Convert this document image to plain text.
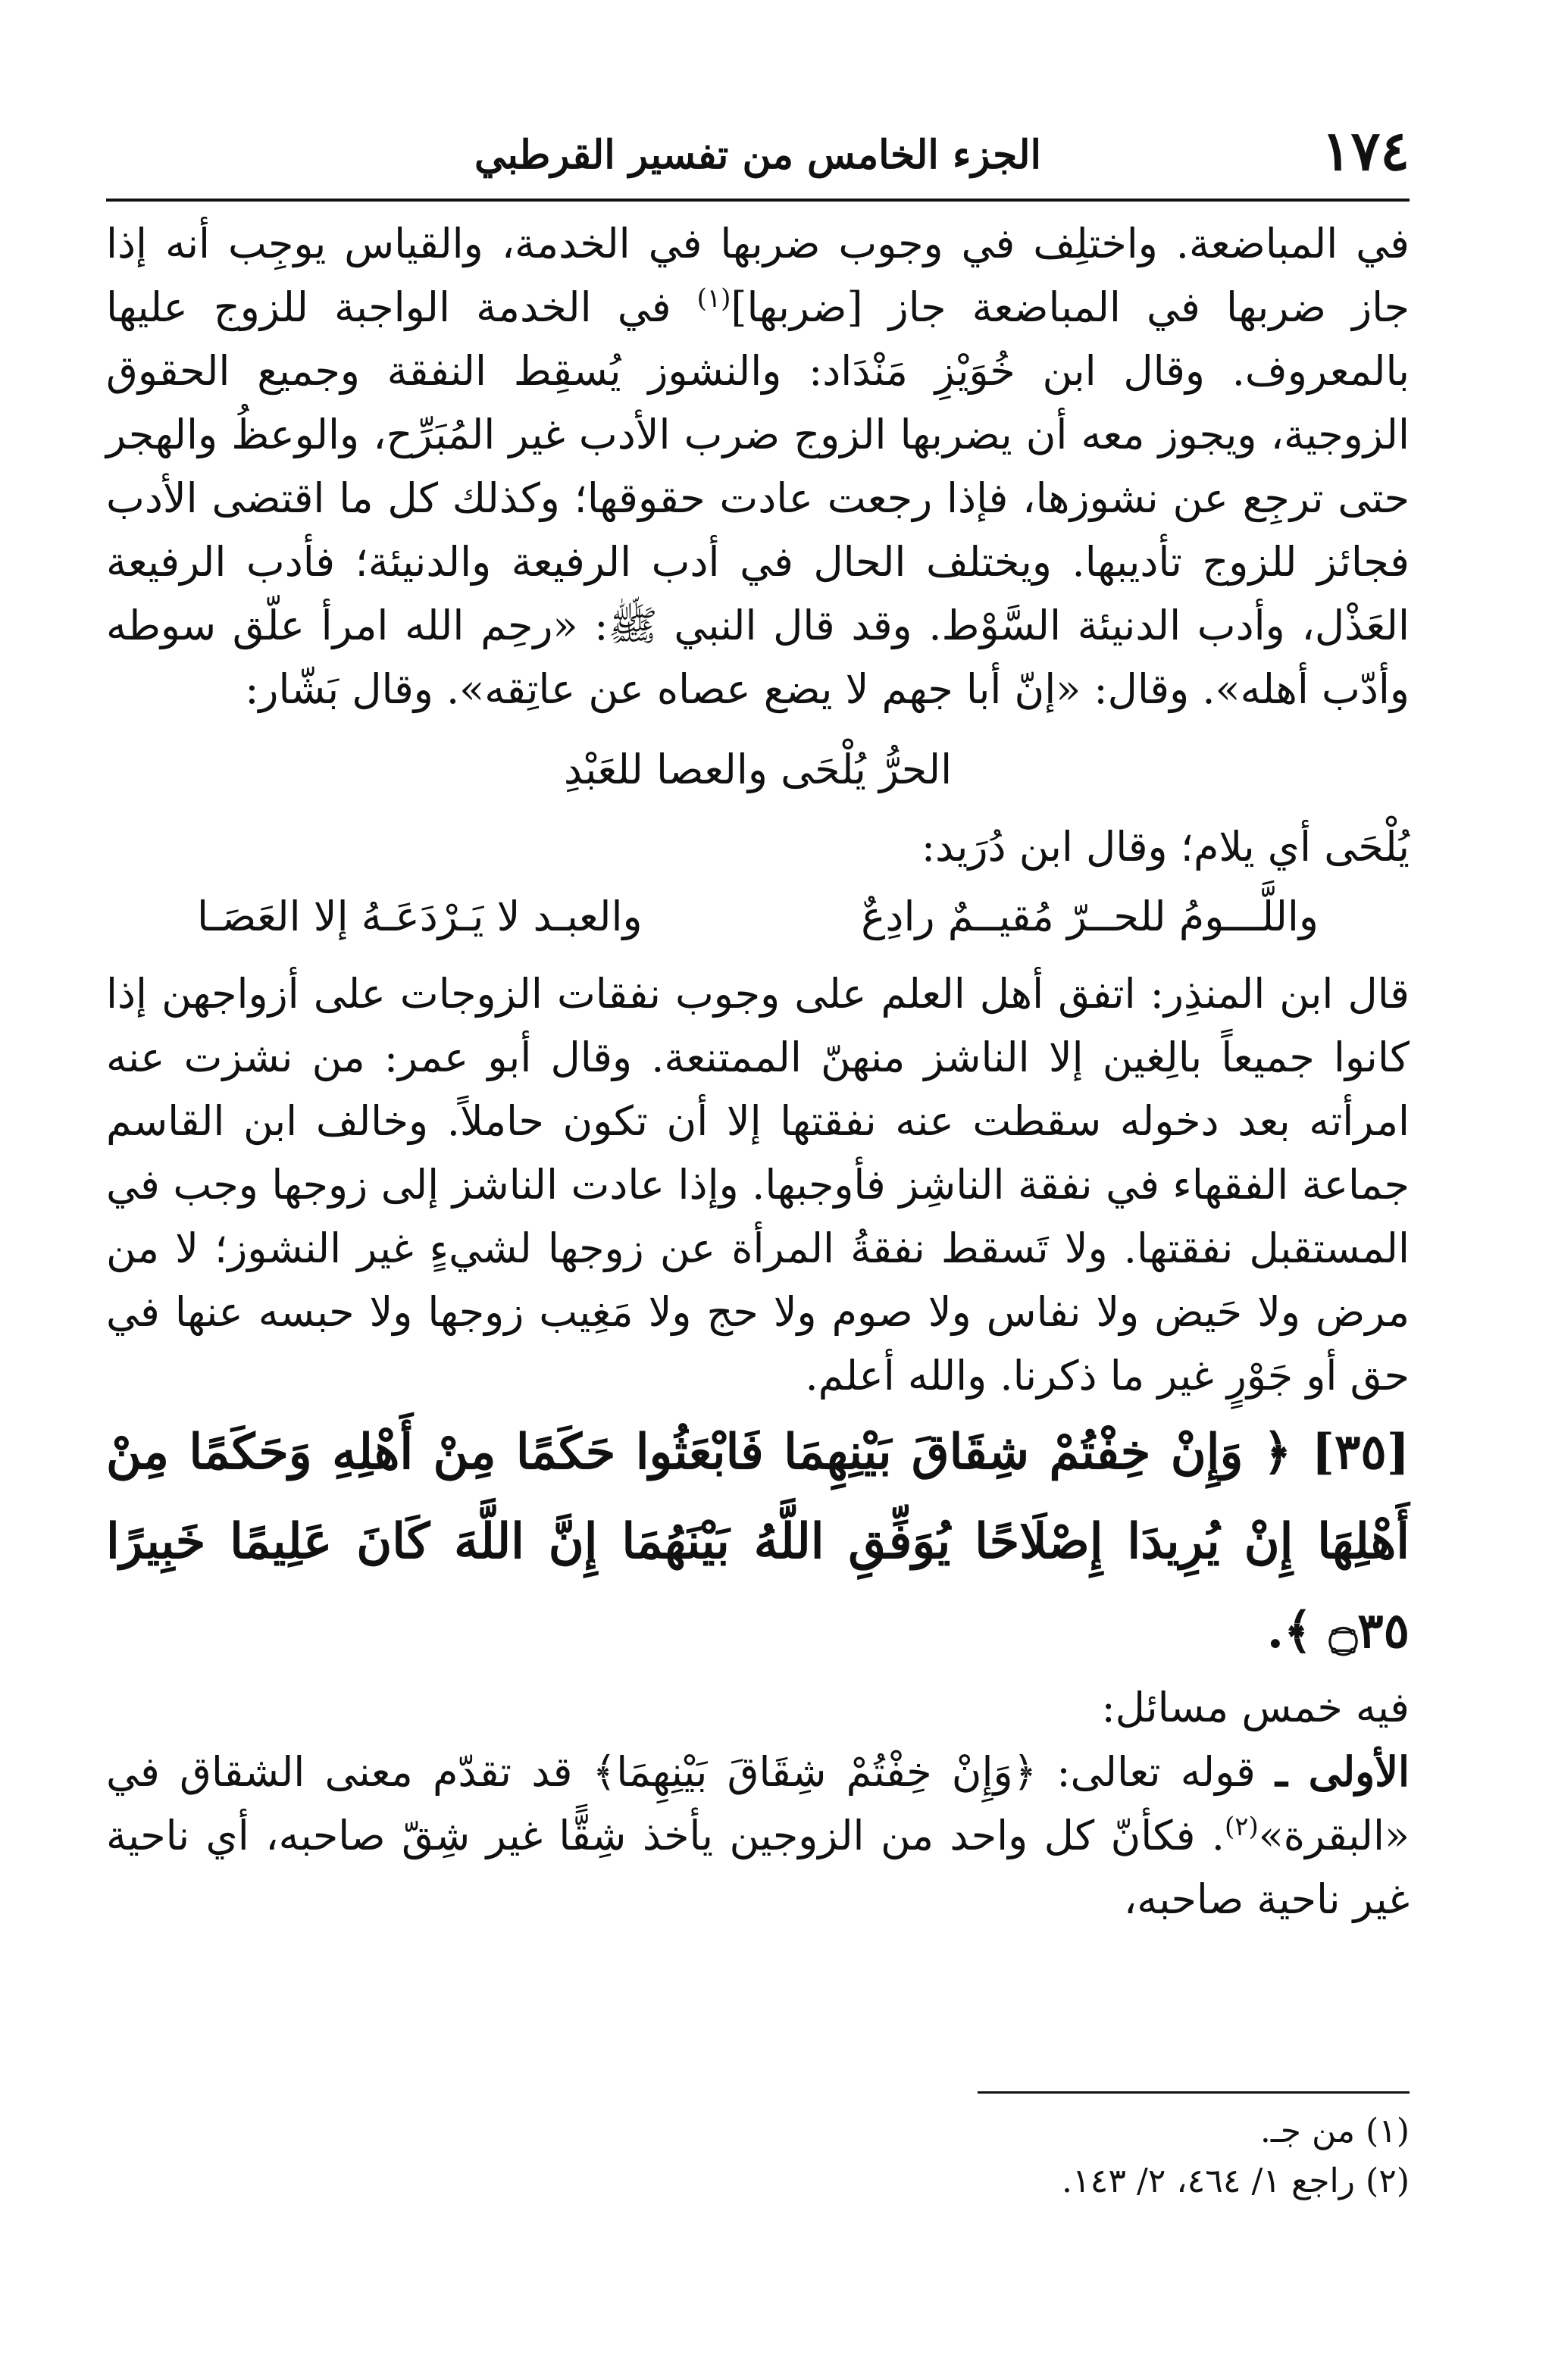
١٧٤
الجزء الخامس من تفسير القرطبي

في المباضعة. واختلِف في وجوب ضربها في الخدمة، والقياس يوجِب أنه إذا جاز ضربها في المباضعة جاز [ضربها]$^{(١)}$ في الخدمة الواجبة للزوج عليها بالمعروف. وقال ابن خُوَيْزِ مَنْدَاد: والنشوز يُسقِط النفقة وجميع الحقوق الزوجية، ويجوز معه أن يضربها الزوج ضرب الأدب غير المُبَرِّح، والوعظُ والهجر حتى ترجِع عن نشوزها، فإذا رجعت عادت حقوقها؛ وكذلك كل ما اقتضى الأدب فجائز للزوج تأديبها. ويختلف الحال في أدب الرفيعة والدنيئة؛ فأدب الرفيعة العَذْل، وأدب الدنيئة السَّوْط. وقد قال النبي ﷺ: «رحِم الله امرأ علّق سوطه وأدّب أهله». وقال: «إنّ أبا جهم لا يضع عصاه عن عاتِقه». وقال بَشّار:

الحرُّ يُلْحَى والعصا للعَبْدِ

يُلْحَى أي يلام؛ وقال ابن دُرَيد:

واللَّـــومُ للحــرّ مُقيــمٌ رادِعٌ
والعبـد لا يَـرْدَعَـهُ إلا العَصَـا

قال ابن المنذِر: اتفق أهل العلم على وجوب نفقات الزوجات على أزواجهن إذا كانوا جميعاً بالِغين إلا الناشز منهنّ الممتنعة. وقال أبو عمر: من نشزت عنه امرأته بعد دخوله سقطت عنه نفقتها إلا أن تكون حاملاً. وخالف ابن القاسم جماعة الفقهاء في نفقة الناشِز فأوجبها. وإذا عادت الناشز إلى زوجها وجب في المستقبل نفقتها. ولا تَسقط نفقةُ المرأة عن زوجها لشيءٍ غير النشوز؛ لا من مرض ولا حَيض ولا نفاس ولا صوم ولا حج ولا مَغِيب زوجها ولا حبسه عنها في حق أو جَوْرٍ غير ما ذكرنا. والله أعلم.

[٣٥] ﴿ وَإِنْ خِفْتُمْ شِقَاقَ بَيْنِهِمَا فَابْعَثُوا حَكَمًا مِنْ أَهْلِهِ وَحَكَمًا مِنْ أَهْلِهَا إِنْ يُرِيدَا إِصْلَاحًا يُوَفِّقِ اللَّهُ بَيْنَهُمَا إِنَّ اللَّهَ كَانَ عَلِيمًا خَبِيرًا ۝٣٥ ﴾.

فيه خمس مسائل:

الأولى ـ قوله تعالى: ﴿وَإِنْ خِفْتُمْ شِقَاقَ بَيْنِهِمَا﴾ قد تقدّم معنى الشقاق في «البقرة»$^{(٢)}$. فكأنّ كل واحد من الزوجين يأخذ شِقًّا غير شِقّ صاحبه، أي ناحية غير ناحية صاحبه،

(١) من جـ.

(٢) راجع ١/ ٤٦٤، ٢/ ١٤٣.
